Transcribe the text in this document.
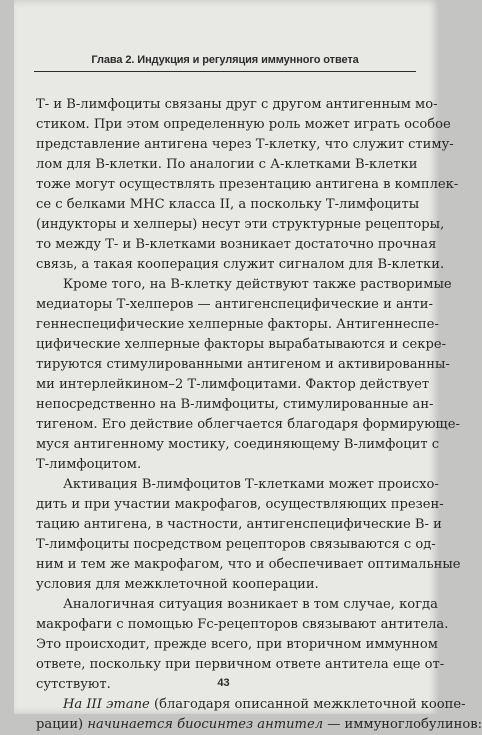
Глава 2. Индукция и регуляция иммунного ответа
Т- и В-лимфоциты связаны друг с другом антигенным мо-
стиком. При этом определенную роль может играть особое
представление антигена через Т-клетку, что служит стиму-
лом для В-клетки. По аналогии с А-клетками В-клетки
тоже могут осуществлять презентацию антигена в комплек-
се с белками МНС класса II, а поскольку Т-лимфоциты
(индукторы и хелперы) несут эти структурные рецепторы,
то между Т- и В-клетками возникает достаточно прочная
связь, а такая кооперация служит сигналом для В-клетки.
Кроме того, на В-клетку действуют также растворимые
медиаторы Т-хелперов — антигенспецифические и анти-
геннеспецифические хелперные факторы. Антигеннеспе-
цифические хелперные факторы вырабатываются и секре-
тируются стимулированными антигеном и активированны-
ми интерлейкином–2 Т-лимфоцитами. Фактор действует
непосредственно на В-лимфоциты, стимулированные ан-
тигеном. Его действие облегчается благодаря формирующе-
муся антигенному мостику, соединяющему В-лимфоцит с
Т-лимфоцитом.
Активация В-лимфоцитов Т-клетками может происхо-
дить и при участии макрофагов, осуществляющих презен-
тацию антигена, в частности, антигенспецифические В- и
Т-лимфоциты посредством рецепторов связываются с од-
ним и тем же макрофагом, что и обеспечивает оптимальные
условия для межклеточной кооперации.
Аналогичная ситуация возникает в том случае, когда
макрофаги с помощью Fc-рецепторов связывают антитела.
Это происходит, прежде всего, при вторичном иммунном
ответе, поскольку при первичном ответе антитела еще от-
сутствуют.
На III этапе (благодаря описанной межклеточной коопе-
рации) начинается биосинтез антител — иммуноглобулинов:
43
